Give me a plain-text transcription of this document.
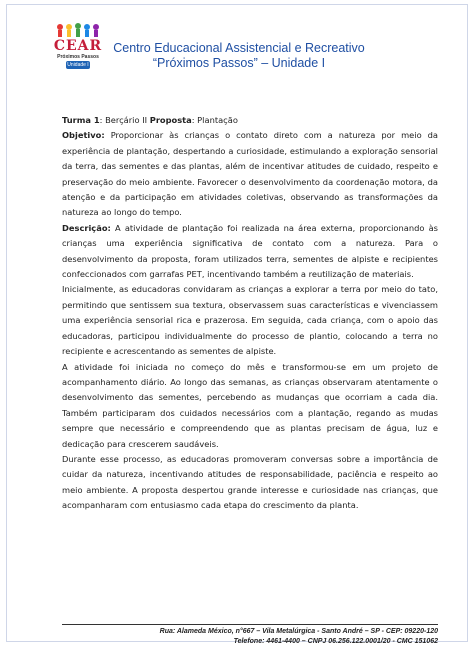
CEAR
Próximos Passos
Unidade I
Centro Educacional Assistencial e Recreativo
“Próximos Passos” – Unidade I

Turma 1: Berçário II Proposta: Plantação

Objetivo: Proporcionar às crianças o contato direto com a natureza por meio da experiência de plantação, despertando a curiosidade, estimulando a exploração sensorial da terra, das sementes e das plantas, além de incentivar atitudes de cuidado, respeito e preservação do meio ambiente. Favorecer o desenvolvimento da coordenação motora, da atenção e da participação em atividades coletivas, observando as transformações da natureza ao longo do tempo.

Descrição: A atividade de plantação foi realizada na área externa, proporcionando às crianças uma experiência significativa de contato com a natureza. Para o desenvolvimento da proposta, foram utilizados terra, sementes de alpiste e recipientes confeccionados com garrafas PET, incentivando também a reutilização de materiais.

Inicialmente, as educadoras convidaram as crianças a explorar a terra por meio do tato, permitindo que sentissem sua textura, observassem suas características e vivenciassem uma experiência sensorial rica e prazerosa. Em seguida, cada criança, com o apoio das educadoras, participou individualmente do processo de plantio, colocando a terra no recipiente e acrescentando as sementes de alpiste.

A atividade foi iniciada no começo do mês e transformou-se em um projeto de acompanhamento diário. Ao longo das semanas, as crianças observaram atentamente o desenvolvimento das sementes, percebendo as mudanças que ocorriam a cada dia. Também participaram dos cuidados necessários com a plantação, regando as mudas sempre que necessário e compreendendo que as plantas precisam de água, luz e dedicação para crescerem saudáveis.

Durante esse processo, as educadoras promoveram conversas sobre a importância de cuidar da natureza, incentivando atitudes de responsabilidade, paciência e respeito ao meio ambiente. A proposta despertou grande interesse e curiosidade nas crianças, que acompanharam com entusiasmo cada etapa do crescimento da planta.

Rua: Alameda México, n°667 – Vila Metalúrgica - Santo André – SP - CEP: 09220-120
Telefone: 4461-4400 – CNPJ 06.256.122.0001/20 - CMC 151062
